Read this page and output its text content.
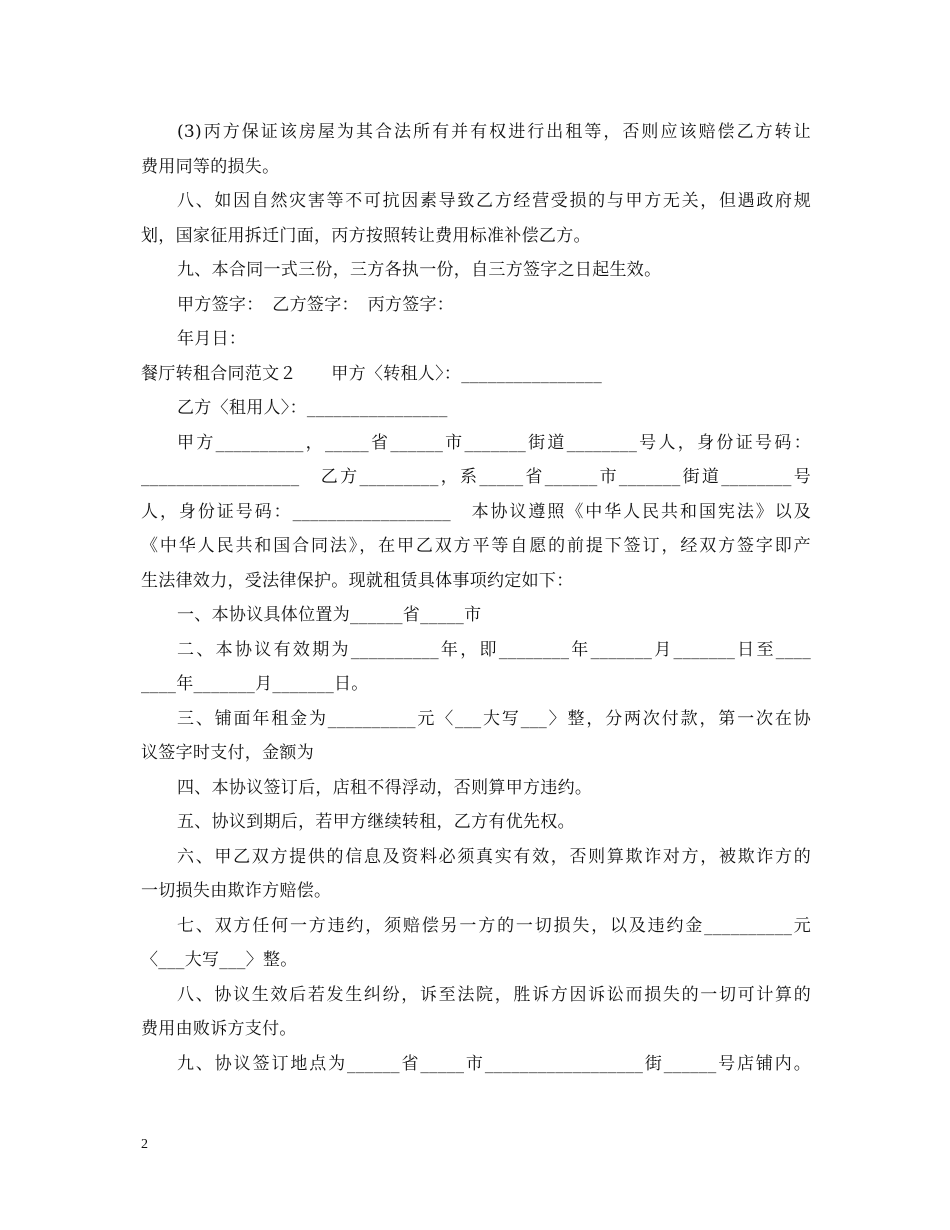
(3)丙方保证该房屋为其合法所有并有权进行出租等，否则应该赔偿乙方转让
费用同等的损失。
八、如因自然灾害等不可抗因素导致乙方经营受损的与甲方无关，但遇政府规
划，国家征用拆迁门面，丙方按照转让费用标准补偿乙方。
九、本合同一式三份，三方各执一份，自三方签字之日起生效。
甲方签字：　乙方签字：　丙方签字：
年月日：
餐厅转租合同范文２　　甲方〈转租人〉：________________
乙方〈租用人〉：________________
甲方__________，_____省______市_______街道________号人，身份证号码：
__________________　乙方_________，系_____省______市_______街道________号
人，身份证号码：__________________　本协议遵照《中华人民共和国宪法》以及
《中华人民共和国合同法》，在甲乙双方平等自愿的前提下签订，经双方签字即产
生法律效力，受法律保护。现就租赁具体事项约定如下：
一、本协议具体位置为______省_____市
二、本协议有效期为__________年，即________年_______月_______日至____
____年_______月_______日。
三、铺面年租金为__________元〈___大写___〉整，分两次付款，第一次在协
议签字时支付，金额为
四、本协议签订后，店租不得浮动，否则算甲方违约。
五、协议到期后，若甲方继续转租，乙方有优先权。
六、甲乙双方提供的信息及资料必须真实有效，否则算欺诈对方，被欺诈方的
一切损失由欺诈方赔偿。
七、双方任何一方违约，须赔偿另一方的一切损失，以及违约金__________元
〈___大写___〉整。
八、协议生效后若发生纠纷，诉至法院，胜诉方因诉讼而损失的一切可计算的
费用由败诉方支付。
九、协议签订地点为______省_____市__________________街______号店铺内。
2
